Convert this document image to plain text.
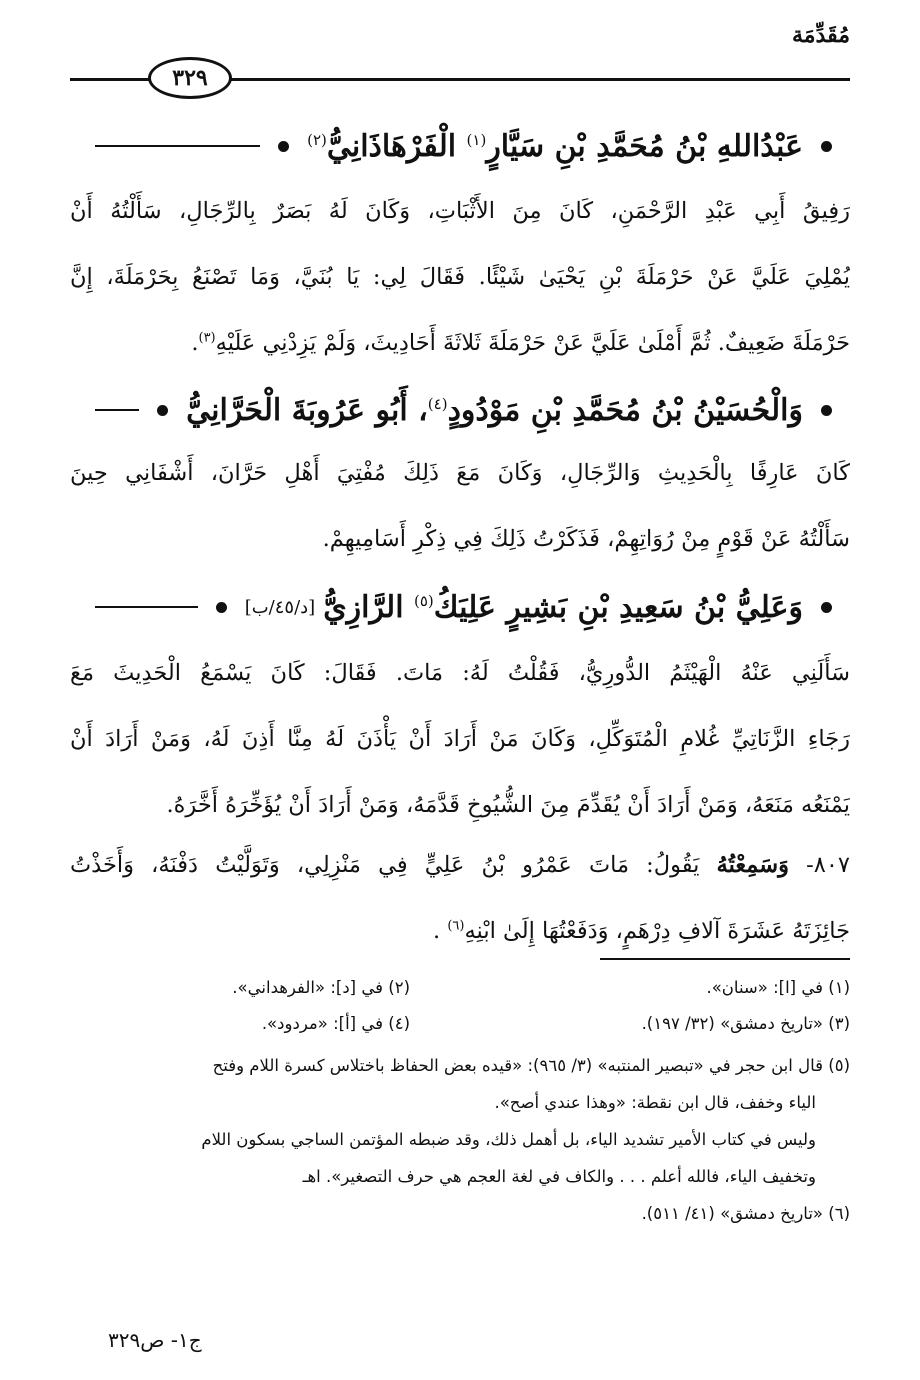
مُقَدِّمَة
٣٢٩
عَبْدُاللهِ بْنُ مُحَمَّدِ بْنِ سَيَّارٍ$^{(١)}$ الْفَرْهَاذَانِيُّ$^{(٢)}$
رَفِيقُ أَبِي عَبْدِ الرَّحْمَنِ، كَانَ مِنَ الأَثْبَاتِ، وَكَانَ لَهُ بَصَرٌ بِالرِّجَالِ، سَأَلْتُهُ أَنْ
يُمْلِيَ عَلَيَّ عَنْ حَرْمَلَةَ بْنِ يَحْيَىٰ شَيْئًا. فَقَالَ لِي: يَا بُنَيَّ، وَمَا تَصْنَعُ بِحَرْمَلَةَ، إِنَّ
حَرْمَلَةَ ضَعِيفٌ. ثُمَّ أَمْلَىٰ عَلَيَّ عَنْ حَرْمَلَةَ ثَلاثَةَ أَحَادِيثَ، وَلَمْ يَزِدْنِي عَلَيْهِ$^{(٣)}$.
وَالْحُسَيْنُ بْنُ مُحَمَّدِ بْنِ مَوْدُودٍ$^{(٤)}$، أَبُو عَرُوبَةَ الْحَرَّانِيُّ
كَانَ عَارِفًا بِالْحَدِيثِ وَالرِّجَالِ، وَكَانَ مَعَ ذَلِكَ مُفْتِيَ أَهْلِ حَرَّانَ، أَشْفَانِي حِينَ
سَأَلْتُهُ عَنْ قَوْمٍ مِنْ رُوَاتِهِمْ، فَذَكَرْتُ ذَلِكَ فِي ذِكْرِ أَسَامِيهِمْ.
وَعَلِيُّ بْنُ سَعِيدِ بْنِ بَشِيرٍ عَلِيَكُ$^{(٥)}$ الرَّازِيُّ
[د/٤٥/ب]
سَأَلَنِي عَنْهُ الْهَيْثَمُ الدُّورِيُّ، فَقُلْتُ لَهُ: مَاتَ. فَقَالَ: كَانَ يَسْمَعُ الْحَدِيثَ مَعَ
رَجَاءِ الزَّنَاتِيِّ غُلامِ الْمُتَوَكِّلِ، وَكَانَ مَنْ أَرَادَ أَنْ يَأْذَنَ لَهُ مِنَّا أَذِنَ لَهُ، وَمَنْ أَرَادَ أَنْ
يَمْنَعُه مَنَعَهُ، وَمَنْ أَرَادَ أَنْ يُقَدِّمَ مِنَ الشُّيُوخِ قَدَّمَهُ، وَمَنْ أَرَادَ أَنْ يُؤَخِّرَهُ أَخَّرَهُ.
٨٠٧- وَسَمِعْتُهُ يَقُولُ: مَاتَ عَمْرُو بْنُ عَلِيٍّ فِي مَنْزِلِي، وَتَوَلَّيْتُ دَفْنَهُ، وَأَخَذْتُ
جَائِزَتَهُ عَشَرَةَ آلافِ دِرْهَمٍ، وَدَفَعْتُهَا إِلَىٰ ابْنِهِ$^{(٦)}$ .
(١) في [ا]: «سنان».
(٢) في [د]: «الفرهداني».
(٣) «تاريخ دمشق» (٣٢/ ١٩٧).
(٤) في [أ]: «مردود».
(٥) قال ابن حجر في «تبصير المنتبه» (٣/ ٩٦٥): «قيده بعض الحفاظ باختلاس كسرة اللام وفتح
الياء وخفف، قال ابن نقطة: «وهذا عندي أصح».
وليس في كتاب الأمير تشديد الياء، بل أهمل ذلك، وقد ضبطه المؤتمن الساجي بسكون اللام
وتخفيف الياء، فالله أعلم . . . والكاف في لغة العجم هي حرف التصغير». اهـ
(٦) «تاريخ دمشق» (٤١/ ٥١١).
ج١- ص٣٢٩
